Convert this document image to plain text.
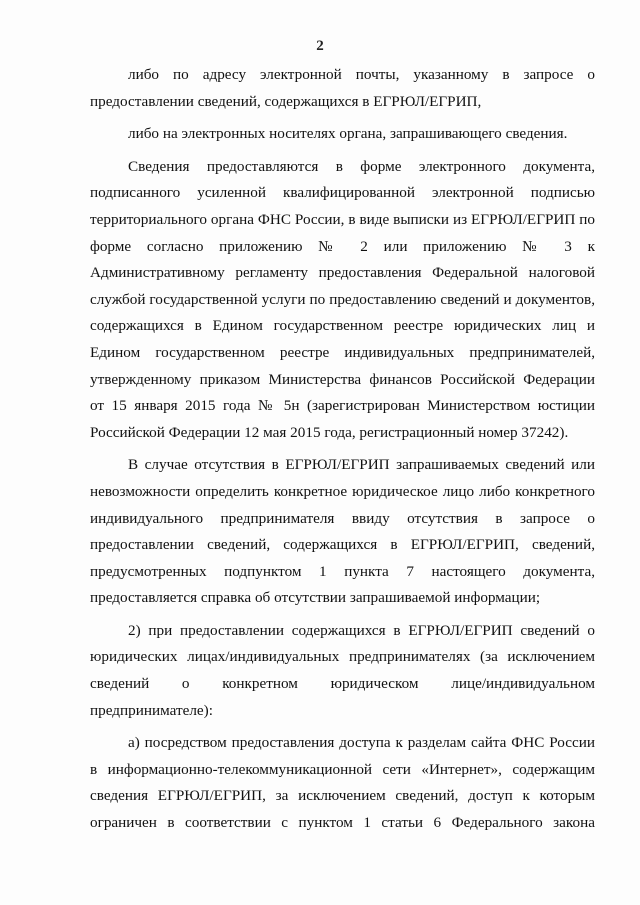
2

либо по адресу электронной почты, указанному в запросе о
предоставлении сведений, содержащихся в ЕГРЮЛ/ЕГРИП,

либо на электронных носителях органа, запрашивающего сведения.

Сведения предоставляются в форме электронного документа,
подписанного усиленной квалифицированной электронной подписью
территориального органа ФНС России, в виде выписки из ЕГРЮЛ/ЕГРИП по
форме согласно приложению № 2 или приложению № 3 к
Административному регламенту предоставления Федеральной налоговой
службой государственной услуги по предоставлению сведений и документов,
содержащихся в Едином государственном реестре юридических лиц и
Едином государственном реестре индивидуальных предпринимателей,
утвержденному приказом Министерства финансов Российской Федерации
от 15 января 2015 года № 5н (зарегистрирован Министерством юстиции
Российской Федерации 12 мая 2015 года, регистрационный номер 37242).

В случае отсутствия в ЕГРЮЛ/ЕГРИП запрашиваемых сведений или
невозможности определить конкретное юридическое лицо либо конкретного
индивидуального предпринимателя ввиду отсутствия в запросе о
предоставлении сведений, содержащихся в ЕГРЮЛ/ЕГРИП, сведений,
предусмотренных подпунктом 1 пункта 7 настоящего документа,
предоставляется справка об отсутствии запрашиваемой информации;

2) при предоставлении содержащихся в ЕГРЮЛ/ЕГРИП сведений о
юридических лицах/индивидуальных предпринимателях (за исключением
сведений о конкретном юридическом лице/индивидуальном
предпринимателе):

а) посредством предоставления доступа к разделам сайта ФНС России
в информационно-телекоммуникационной сети «Интернет», содержащим
сведения ЕГРЮЛ/ЕГРИП, за исключением сведений, доступ к которым
ограничен в соответствии с пунктом 1 статьи 6 Федерального закона
